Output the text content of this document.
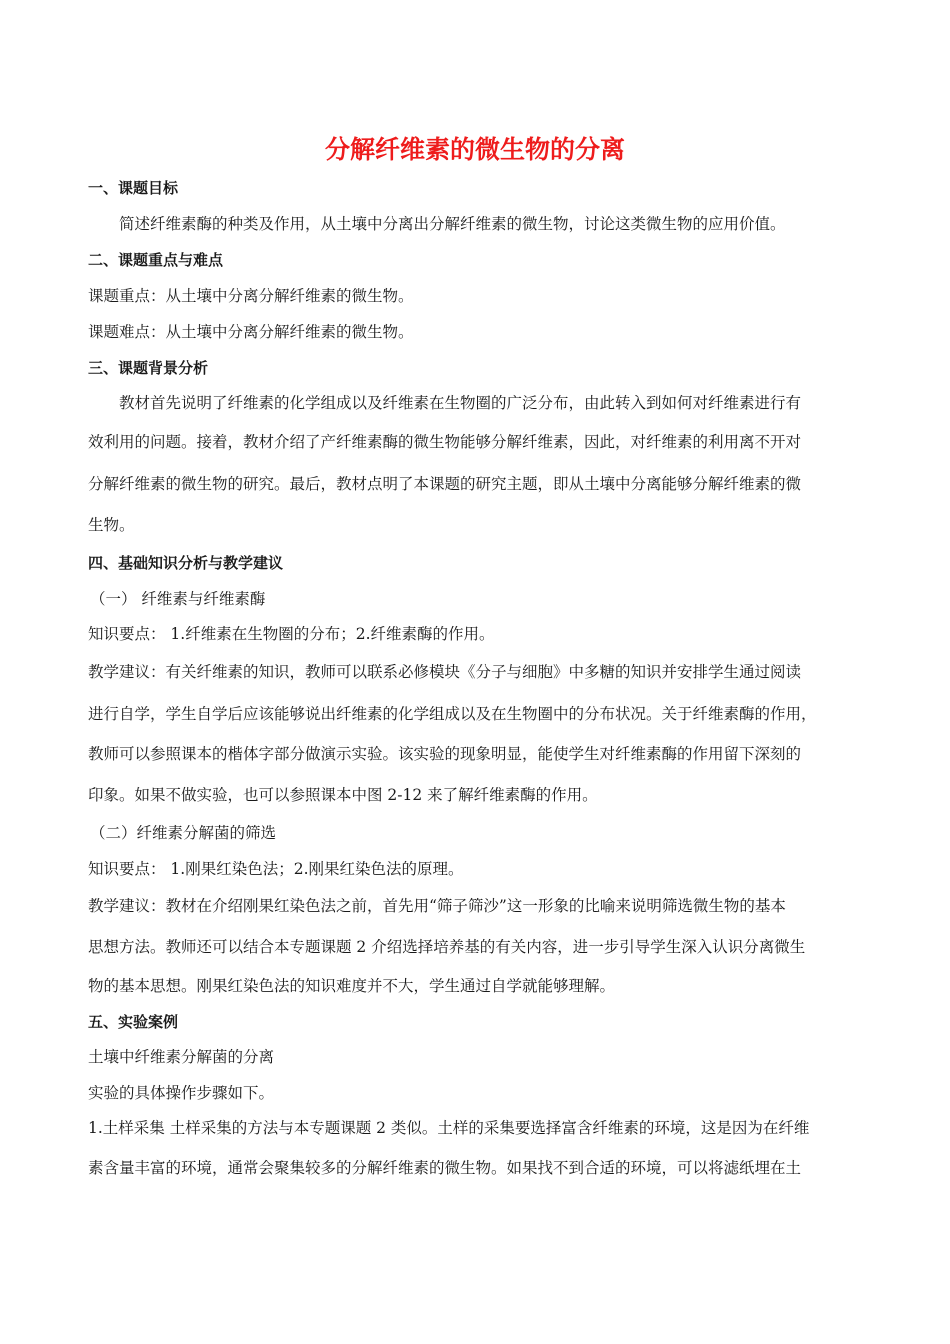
分解纤维素的微生物的分离

一、课题目标

简述纤维素酶的种类及作用，从土壤中分离出分解纤维素的微生物，讨论这类微生物的应用价值。

二、课题重点与难点

课题重点：从土壤中分离分解纤维素的微生物。

课题难点：从土壤中分离分解纤维素的微生物。

三、课题背景分析

教材首先说明了纤维素的化学组成以及纤维素在生物圈的广泛分布，由此转入到如何对纤维素进行有

效利用的问题。接着，教材介绍了产纤维素酶的微生物能够分解纤维素，因此，对纤维素的利用离不开对

分解纤维素的微生物的研究。最后，教材点明了本课题的研究主题，即从土壤中分离能够分解纤维素的微

生物。

四、基础知识分析与教学建议

（一） 纤维素与纤维素酶

知识要点： 1.纤维素在生物圈的分布；2.纤维素酶的作用。

教学建议：有关纤维素的知识，教师可以联系必修模块《分子与细胞》中多糖的知识并安排学生通过阅读

进行自学，学生自学后应该能够说出纤维素的化学组成以及在生物圈中的分布状况。关于纤维素酶的作用，

教师可以参照课本的楷体字部分做演示实验。该实验的现象明显，能使学生对纤维素酶的作用留下深刻的

印象。如果不做实验，也可以参照课本中图 2-12 来了解纤维素酶的作用。

（二）纤维素分解菌的筛选

知识要点： 1.刚果红染色法；2.刚果红染色法的原理。

教学建议：教材在介绍刚果红染色法之前，首先用“筛子筛沙”这一形象的比喻来说明筛选微生物的基本

思想方法。教师还可以结合本专题课题 2 介绍选择培养基的有关内容，进一步引导学生深入认识分离微生

物的基本思想。刚果红染色法的知识难度并不大，学生通过自学就能够理解。

五、实验案例

土壤中纤维素分解菌的分离

实验的具体操作步骤如下。

1.土样采集 土样采集的方法与本专题课题 2 类似。土样的采集要选择富含纤维素的环境，这是因为在纤维

素含量丰富的环境，通常会聚集较多的分解纤维素的微生物。如果找不到合适的环境，可以将滤纸埋在土
